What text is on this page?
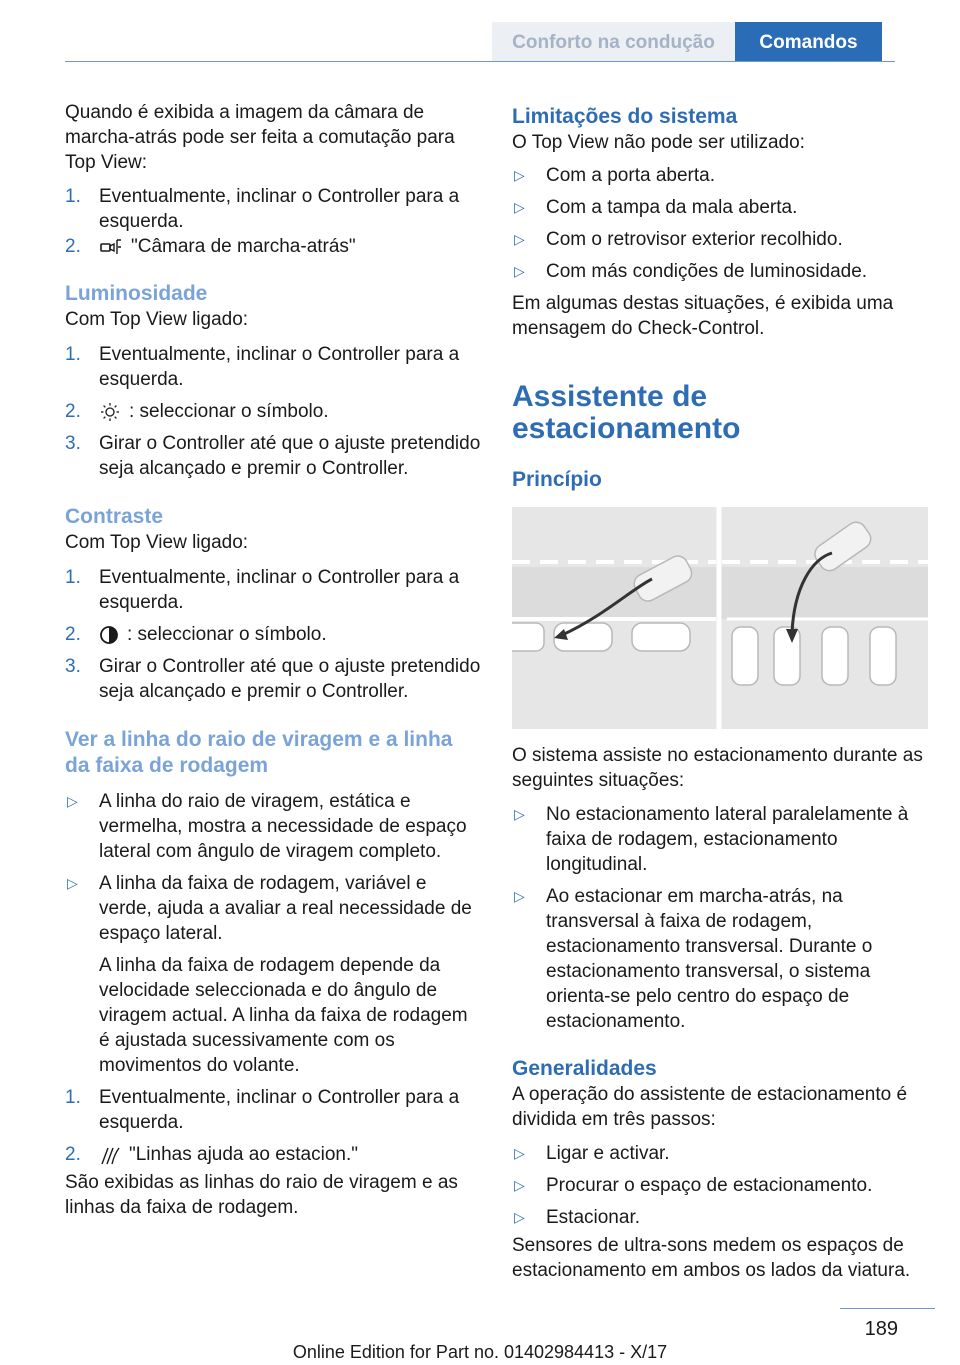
Conforto na condução	Comandos

Quando é exibida a imagem da câmara de marcha-atrás pode ser feita a comutação para Top View:

1. Eventualmente, inclinar o Controller para a esquerda.
2.	"Câmara de marcha-atrás"
Luminosidade

Com Top View ligado:

1. Eventualmente, inclinar o Controller para a esquerda.
2.	: seleccionar o símbolo.
3. Girar o Controller até que o ajuste pretendido seja alcançado e premir o Controller.
Contraste

Com Top View ligado:

1. Eventualmente, inclinar o Controller para a esquerda.
2.	: seleccionar o símbolo.
3. Girar o Controller até que o ajuste pretendido seja alcançado e premir o Controller.
Ver a linha do raio de viragem e a linha da faixa de rodagem
▷	A linha do raio de viragem, estática e vermelha, mostra a necessidade de espaço lateral com ângulo de viragem completo.
▷	A linha da faixa de rodagem, variável e verde, ajuda a avaliar a real necessidade de espaço lateral.
A linha da faixa de rodagem depende da velocidade seleccionada e do ângulo de viragem actual. A linha da faixa de rodagem é ajustada sucessivamente com os movimentos do volante.
1. Eventualmente, inclinar o Controller para a esquerda.
2.	"Linhas ajuda ao estacion."

São exibidas as linhas do raio de viragem e as linhas da faixa de rodagem.

Limitações do sistema

O Top View não pode ser utilizado:

▷	Com a porta aberta.
▷	Com a tampa da mala aberta.
▷	Com o retrovisor exterior recolhido.
▷	Com más condições de luminosidade.

Em algumas destas situações, é exibida uma mensagem do Check-Control.

Assistente de estacionamento
Princípio

O sistema assiste no estacionamento durante as seguintes situações:

▷	No estacionamento lateral paralelamente à faixa de rodagem, estacionamento longitudinal.
▷	Ao estacionar em marcha-atrás, na transversal à faixa de rodagem, estacionamento transversal. Durante o estacionamento transversal, o sistema orienta-se pelo centro do espaço de estacionamento.
Generalidades

A operação do assistente de estacionamento é dividida em três passos:

▷	Ligar e activar.
▷	Procurar o espaço de estacionamento.
▷	Estacionar.

Sensores de ultra-sons medem os espaços de estacionamento em ambos os lados da viatura.

189
Online Edition for Part no. 01402984413 - X/17
